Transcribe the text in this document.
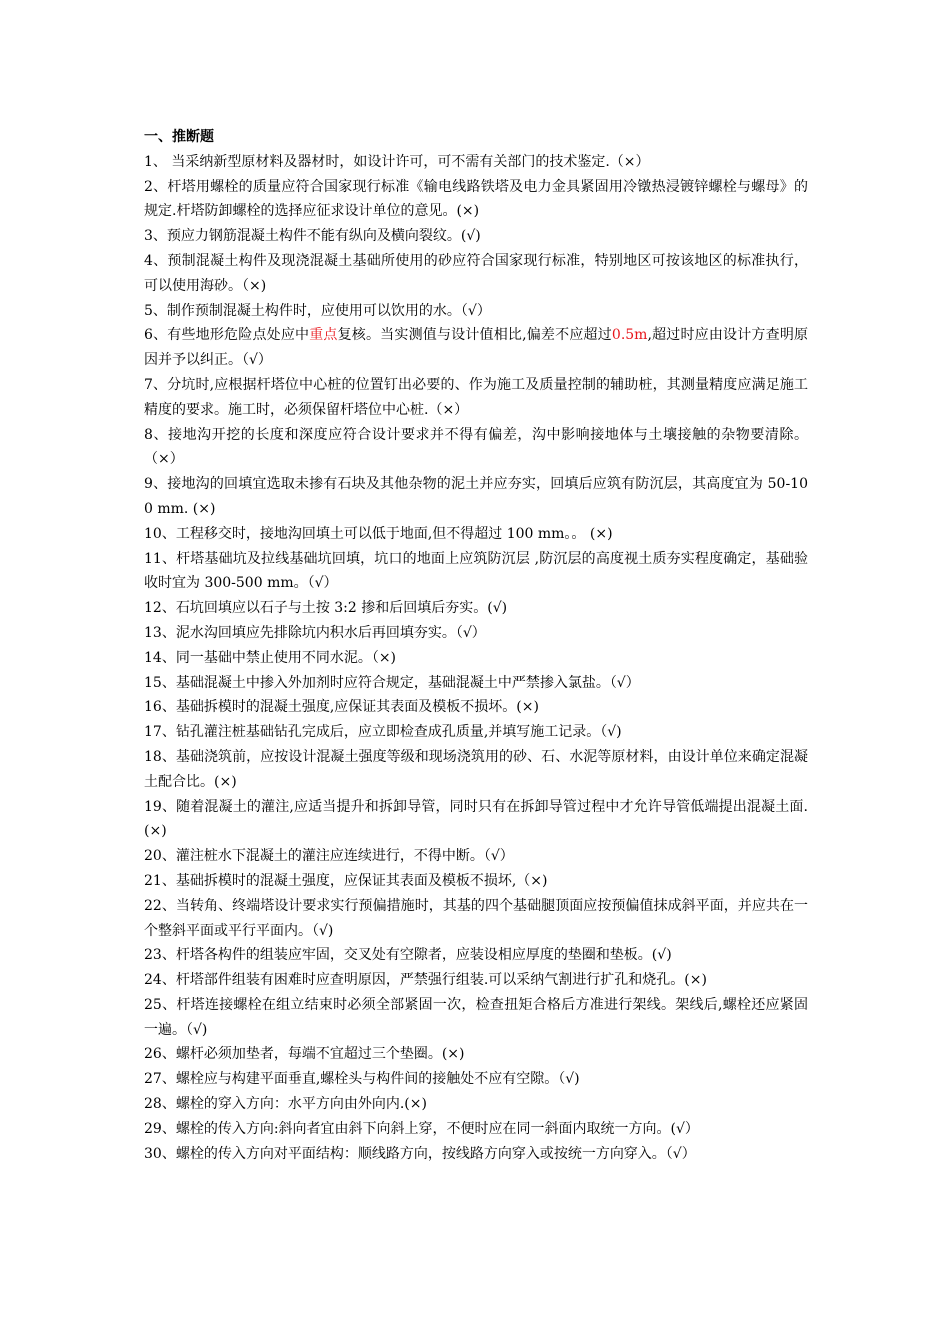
一、推断题
1、 当采纳新型原材料及器材时，如设计许可，可不需有关部门的技术鉴定.（×）
2、杆塔用螺栓的质量应符合国家现行标准《输电线路铁塔及电力金具紧固用冷镦热浸镀锌螺栓与螺母》的规定.杆塔防卸螺栓的选择应征求设计单位的意见。(×)
3、预应力钢筋混凝土构件不能有纵向及横向裂纹。(√)
4、预制混凝土构件及现浇混凝土基础所使用的砂应符合国家现行标准，特别地区可按该地区的标准执行，可以使用海砂。（×)
5、制作预制混凝土构件时，应使用可以饮用的水。（√）
6、有些地形危险点处应中重点复核。当实测值与设计值相比,偏差不应超过0.5m,超过时应由设计方查明原因并予以纠正。（√）
7、分坑时,应根据杆塔位中心桩的位置钉出必要的、作为施工及质量控制的辅助桩，其测量精度应满足施工精度的要求。施工时，必须保留杆塔位中心桩.（×）
8、接地沟开挖的长度和深度应符合设计要求并不得有偏差，沟中影响接地体与土壤接触的杂物要清除。（×）
9、接地沟的回填宜选取未掺有石块及其他杂物的泥土并应夯实，回填后应筑有防沉层，其高度宜为 50-100 mm. (×)
10、工程移交时，接地沟回填土可以低于地面,但不得超过 100 mm。。 (×)
11、杆塔基础坑及拉线基础坑回填，坑口的地面上应筑防沉层 ,防沉层的高度视土质夯实程度确定，基础验收时宜为 300-500 mm。（√）
12、石坑回填应以石子与土按 3:2 掺和后回填后夯实。(√)
13、泥水沟回填应先排除坑内积水后再回填夯实。（√）
14、同一基础中禁止使用不同水泥。（×)
15、基础混凝土中掺入外加剂时应符合规定，基础混凝土中严禁掺入氯盐。（√）
16、基础拆模时的混凝土强度,应保证其表面及模板不损坏。(×)
17、钻孔灌注桩基础钻孔完成后，应立即检查成孔质量,并填写施工记录。（√)
18、基础浇筑前，应按设计混凝土强度等级和现场浇筑用的砂、石、水泥等原材料，由设计单位来确定混凝土配合比。(×)
19、随着混凝土的灌注,应适当提升和拆卸导管，同时只有在拆卸导管过程中才允许导管低端提出混凝土面.(×)
20、灌注桩水下混凝土的灌注应连续进行，不得中断。（√）
21、基础拆模时的混凝土强度，应保证其表面及模板不损坏,（×)
22、当转角、终端塔设计要求实行预偏措施时，其基的四个基础腿顶面应按预偏值抹成斜平面，并应共在一个整斜平面或平行平面内。（√)
23、杆塔各构件的组装应牢固，交叉处有空隙者，应装设相应厚度的垫圈和垫板。(√)
24、杆塔部件组装有困难时应查明原因，严禁强行组装.可以采纳气割进行扩孔和烧孔。(×)
25、杆塔连接螺栓在组立结束时必须全部紧固一次，检查扭矩合格后方准进行架线。架线后,螺栓还应紧固一遍。（√)
26、螺杆必须加垫者，每端不宜超过三个垫圈。(×)
27、螺栓应与构建平面垂直,螺栓头与构件间的接触处不应有空隙。（√)
28、螺栓的穿入方向：水平方向由外向内.(×)
29、螺栓的传入方向:斜向者宜由斜下向斜上穿，不便时应在同一斜面内取统一方向。(√）
30、螺栓的传入方向对平面结构：顺线路方向，按线路方向穿入或按统一方向穿入。（√）
